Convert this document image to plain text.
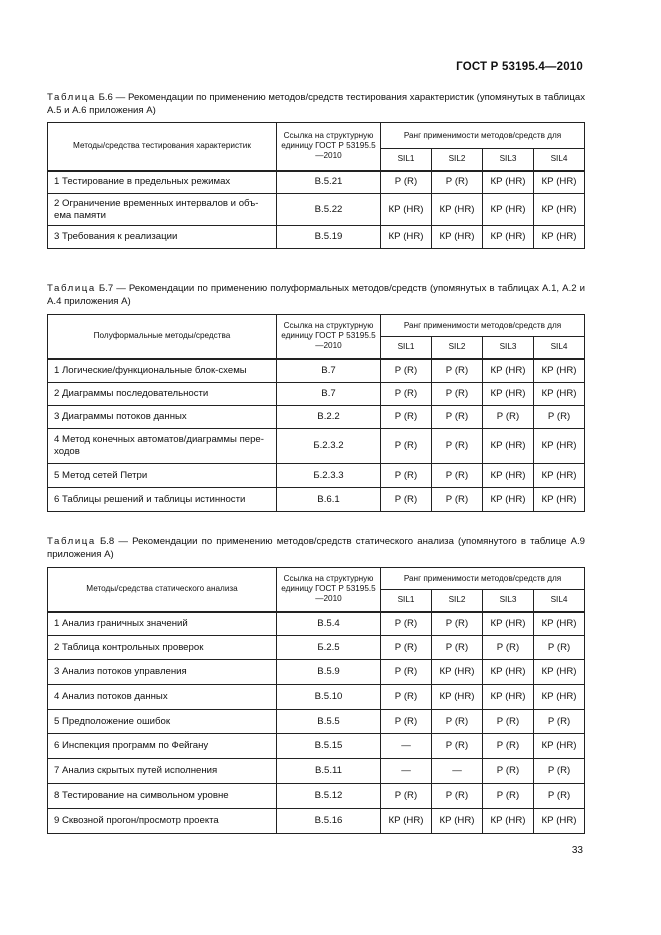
ГОСТ Р 53195.4—2010
Таблица Б.6 — Рекомендации по применению методов/средств тестирования характеристик (упомянутых в таблицах А.5 и А.6 приложения А)
Методы/средства тестирования характеристик	Ссылка на структурную единицу ГОСТ Р 53195.5—2010	Ранг применимости методов/средств для			
		SIL1	SIL2	SIL3	SIL4
1 Тестирование в предельных режимах	В.5.21	Р (R)	Р (R)	КР (HR)	КР (HR)
2 Ограничение временных интервалов и объема памяти	В.5.22	КР (HR)	КР (HR)	КР (HR)	КР (HR)
3 Требования к реализации	В.5.19	КР (HR)	КР (HR)	КР (HR)	КР (HR)
Таблица Б.7 — Рекомендации по применению полуформальных методов/средств (упомянутых в таблицах А.1, А.2 и А.4 приложения А)
Полуформальные методы/средства	Ссылка на структурную единицу ГОСТ Р 53195.5—2010	Ранг применимости методов/средств для			
		SIL1	SIL2	SIL3	SIL4
1 Логические/функциональные блок-схемы	В.7	Р (R)	Р (R)	КР (HR)	КР (HR)
2 Диаграммы последовательности	В.7	Р (R)	Р (R)	КР (HR)	КР (HR)
3 Диаграммы потоков данных	В.2.2	Р (R)	Р (R)	Р (R)	Р (R)
4 Метод конечных автоматов/диаграммы переходов	Б.2.3.2	Р (R)	Р (R)	КР (HR)	КР (HR)
5 Метод сетей Петри	Б.2.3.3	Р (R)	Р (R)	КР (HR)	КР (HR)
6 Таблицы решений и таблицы истинности	В.6.1	Р (R)	Р (R)	КР (HR)	КР (HR)
Таблица Б.8 — Рекомендации по применению методов/средств статического анализа (упомянутого в таблице А.9 приложения А)
Методы/средства статического анализа	Ссылка на структурную единицу ГОСТ Р 53195.5—2010	Ранг применимости методов/средств для			
		SIL1	SIL2	SIL3	SIL4
1 Анализ граничных значений	В.5.4	Р (R)	Р (R)	КР (HR)	КР (HR)
2 Таблица контрольных проверок	Б.2.5	Р (R)	Р (R)	Р (R)	Р (R)
3 Анализ потоков управления	В.5.9	Р (R)	КР (HR)	КР (HR)	КР (HR)
4 Анализ потоков данных	В.5.10	Р (R)	КР (HR)	КР (HR)	КР (HR)
5 Предположение ошибок	В.5.5	Р (R)	Р (R)	Р (R)	Р (R)
6 Инспекция программ по Фейгану	В.5.15	—	Р (R)	Р (R)	КР (HR)
7 Анализ скрытых путей исполнения	В.5.11	—	—	Р (R)	Р (R)
8 Тестирование на символьном уровне	В.5.12	Р (R)	Р (R)	Р (R)	Р (R)
9 Сквозной прогон/просмотр проекта	В.5.16	КР (HR)	КР (HR)	КР (HR)	КР (HR)
33
